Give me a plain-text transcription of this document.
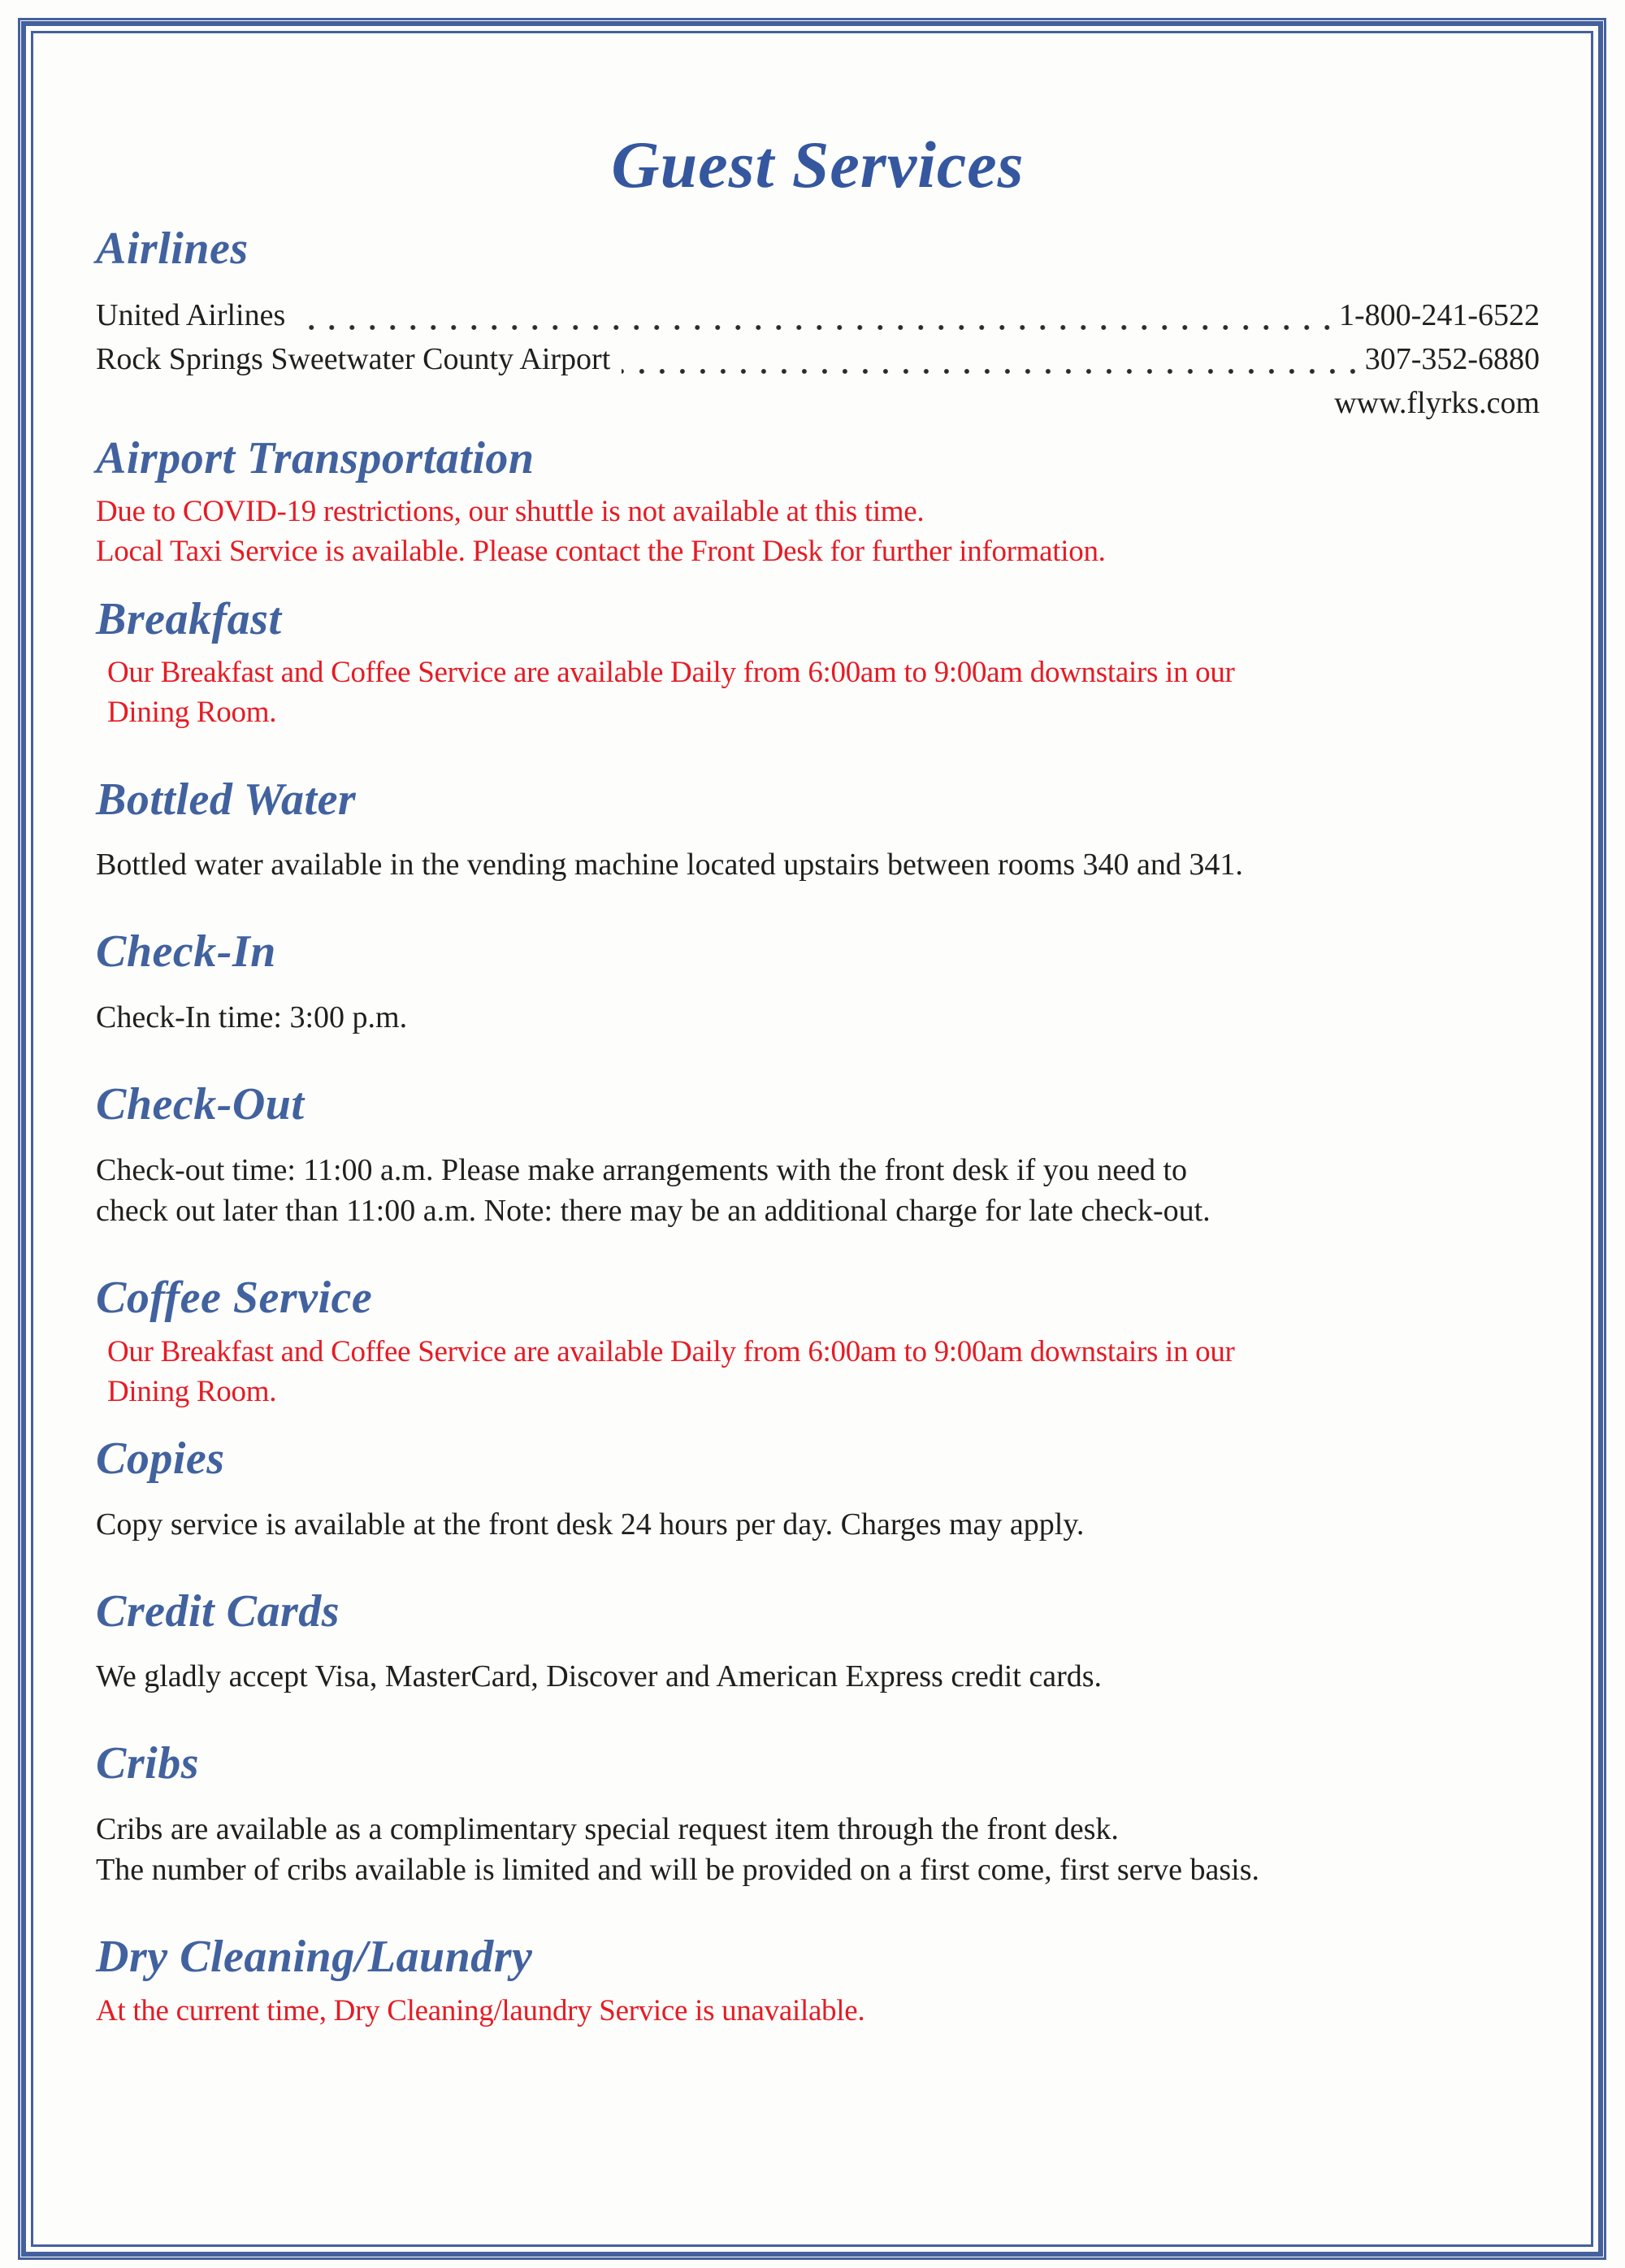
Guest Services
Airlines
United Airlines	1-800-241-6522
Rock Springs Sweetwater County Airport	307-352-6880
www.flyrks.com
Airport Transportation

Due to COVID-19 restrictions, our shuttle is not available at this time.

Local Taxi Service is available. Please contact the Front Desk for further information.

Breakfast

Our Breakfast and Coffee Service are available Daily from 6:00am to 9:00am downstairs in our

Dining Room.

Bottled Water

Bottled water available in the vending machine located upstairs between rooms 340 and 341.

Check-In

Check-In time: 3:00 p.m.

Check-Out

Check-out time: 11:00 a.m. Please make arrangements with the front desk if you need to

check out later than 11:00 a.m. Note: there may be an additional charge for late check-out.

Coffee Service

Our Breakfast and Coffee Service are available Daily from 6:00am to 9:00am downstairs in our

Dining Room.

Copies

Copy service is available at the front desk 24 hours per day. Charges may apply.

Credit Cards

We gladly accept Visa, MasterCard, Discover and American Express credit cards.

Cribs

Cribs are available as a complimentary special request item through the front desk.

The number of cribs available is limited and will be provided on a first come, first serve basis.

Dry Cleaning/Laundry

At the current time, Dry Cleaning/laundry Service is unavailable.
